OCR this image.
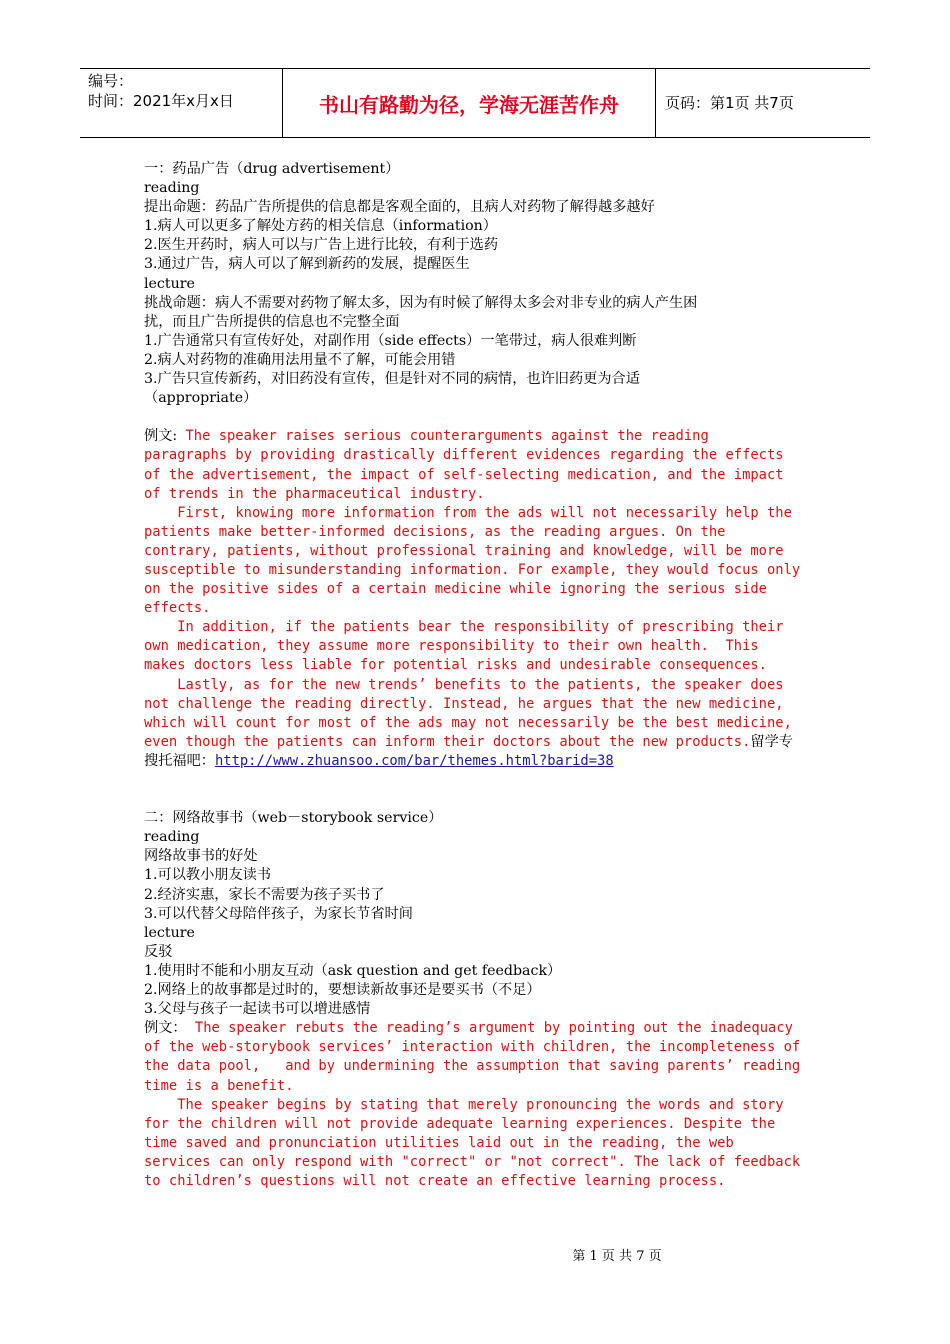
编号：
时间：2021年x月x日	书山有路勤为径，学海无涯苦作舟	页码：第1页 共7页
一：药品广告（drug advertisement）
reading
提出命题：药品广告所提供的信息都是客观全面的，且病人对药物了解得越多越好
1.病人可以更多了解处方药的相关信息（information）
2.医生开药时，病人可以与广告上进行比较，有利于选药
3.通过广告，病人可以了解到新药的发展，提醒医生
lecture
挑战命题：病人不需要对药物了解太多，因为有时候了解得太多会对非专业的病人产生困
扰，而且广告所提供的信息也不完整全面
1.广告通常只有宣传好处，对副作用（side effects）一笔带过，病人很难判断
2.病人对药物的准确用法用量不了解，可能会用错
3.广告只宣传新药，对旧药没有宣传，但是针对不同的病情，也许旧药更为合适
（appropriate）
例文: The speaker raises serious counterarguments against the reading
paragraphs by providing drastically different evidences regarding the effects
of the advertisement, the impact of self-selecting medication, and the impact
of trends in the pharmaceutical industry.
First, knowing more information from the ads will not necessarily help the
patients make better-informed decisions, as the reading argues. On the
contrary, patients, without professional training and knowledge, will be more
susceptible to misunderstanding information. For example, they would focus only
on the positive sides of a certain medicine while ignoring the serious side
effects.
In addition, if the patients bear the responsibility of prescribing their
own medication, they assume more responsibility to their own health.  This
makes doctors less liable for potential risks and undesirable consequences.
Lastly, as for the new trends’ benefits to the patients, the speaker does
not challenge the reading directly. Instead, he argues that the new medicine,
which will count for most of the ads may not necessarily be the best medicine,
even though the patients can inform their doctors about the new products.留学专
搜托福吧：http://www.zhuansoo.com/bar/themes.html?barid=38
二：网络故事书（web－storybook service）
reading
网络故事书的好处
1.可以教小朋友读书
2.经济实惠，家长不需要为孩子买书了
3.可以代替父母陪伴孩子，为家长节省时间
lecture
反驳
1.使用时不能和小朋友互动（ask question and get feedback）
2.网络上的故事都是过时的，要想读新故事还是要买书（不足）
3.父母与孩子一起读书可以增进感情
例文： The speaker rebuts the reading’s argument by pointing out the inadequacy
of the web-storybook services’ interaction with children, the incompleteness of
the data pool,   and by undermining the assumption that saving parents’ reading
time is a benefit.
The speaker begins by stating that merely pronouncing the words and story
for the children will not provide adequate learning experiences. Despite the
time saved and pronunciation utilities laid out in the reading, the web
services can only respond with "correct" or "not correct". The lack of feedback
to children’s questions will not create an effective learning process.
第 1 页 共 7 页
